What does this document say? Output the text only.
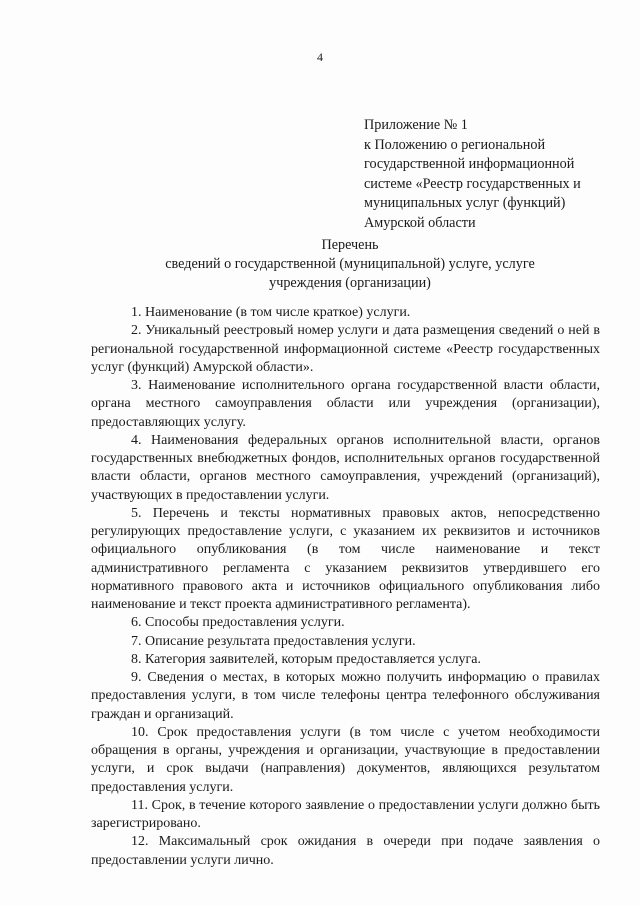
4
Приложение № 1
к Положению о региональной
государственной информационной
системе «Реестр государственных и
муниципальных услуг (функций)
Амурской области
Перечень
сведений о государственной (муниципальной) услуге, услуге
учреждения (организации)

1. Наименование (в том числе краткое) услуги.

2. Уникальный реестровый номер услуги и дата размещения сведений о ней в региональной государственной информационной системе «Реестр государственных услуг (функций) Амурской области».

3. Наименование исполнительного органа государственной власти области, органа местного самоуправления области или учреждения (организации), предоставляющих услугу.

4. Наименования федеральных органов исполнительной власти, органов государственных внебюджетных фондов, исполнительных органов государственной власти области, органов местного самоуправления, учреждений (организаций), участвующих в предоставлении услуги.

5. Перечень и тексты нормативных правовых актов, непосредственно регулирующих предоставление услуги, с указанием их реквизитов и источников официального опубликования (в том числе наименование и текст административного регламента с указанием реквизитов утвердившего его нормативного правового акта и источников официального опубликования либо наименование и текст проекта административного регламента).

6. Способы предоставления услуги.

7. Описание результата предоставления услуги.

8. Категория заявителей, которым предоставляется услуга.

9. Сведения о местах, в которых можно получить информацию о правилах предоставления услуги, в том числе телефоны центра телефонного обслуживания граждан и организаций.

10. Срок предоставления услуги (в том числе с учетом необходимости обращения в органы, учреждения и организации, участвующие в предоставлении услуги, и срок выдачи (направления) документов, являющихся результатом предоставления услуги.

11. Срок, в течение которого заявление о предоставлении услуги должно быть зарегистрировано.

12. Максимальный срок ожидания в очереди при подаче заявления о предоставлении услуги лично.
